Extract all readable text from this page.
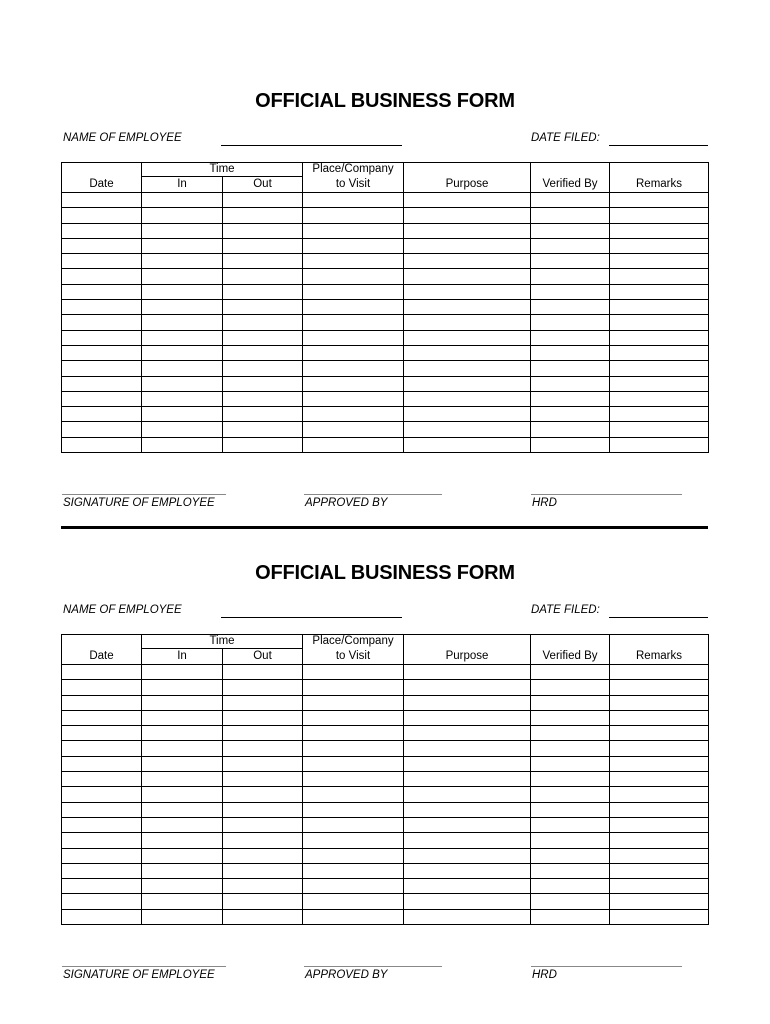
OFFICIAL BUSINESS FORM
NAME OF EMPLOYEE	DATE FILED:
Date	Time		Place/Company	Purpose	Verified By	Remarks
	In	Out	to Visit			

SIGNATURE OF EMPLOYEE	APPROVED BY	HRD
OFFICIAL BUSINESS FORM
NAME OF EMPLOYEE	DATE FILED:
Date	Time		Place/Company	Purpose	Verified By	Remarks
	In	Out	to Visit			

SIGNATURE OF EMPLOYEE	APPROVED BY	HRD
